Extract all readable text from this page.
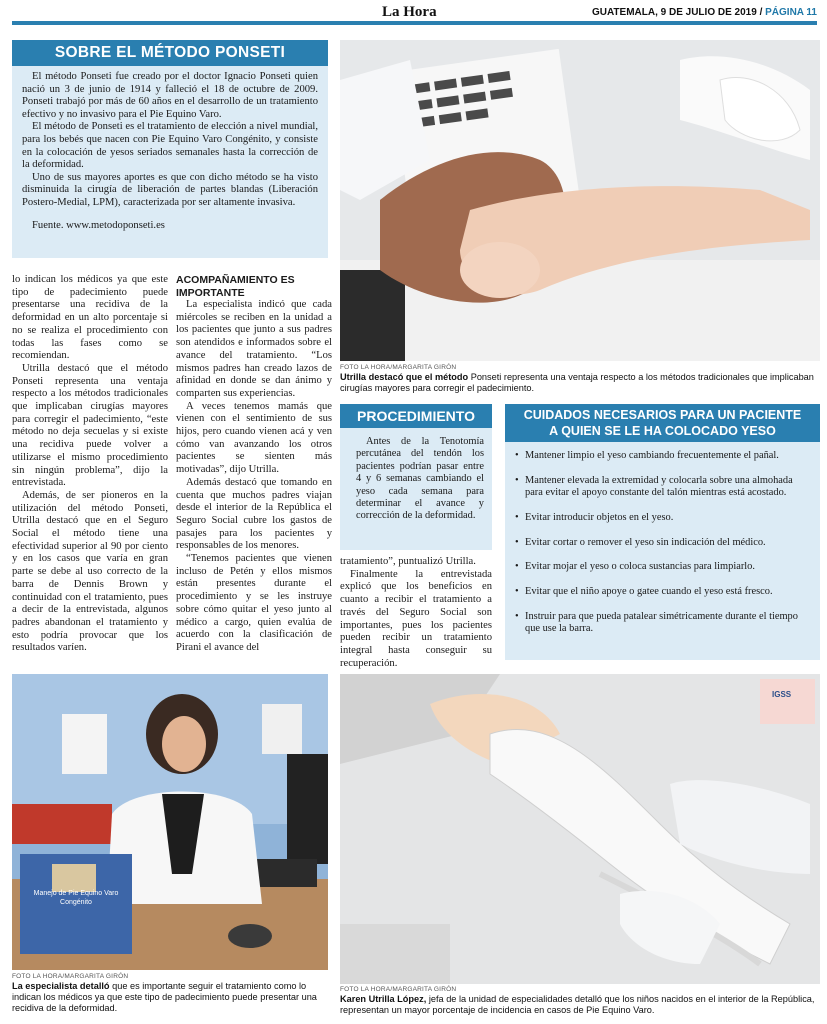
La Hora	GUATEMALA, 9 DE JULIO DE 2019 / PÁGINA 11
SOBRE EL MÉTODO PONSETI

El método Ponseti fue creado por el doctor Ignacio Ponseti quien nació un 3 de junio de 1914 y falleció el 18 de octubre de 2009. Ponseti trabajó por más de 60 años en el desarrollo de un tratamiento efectivo y no invasivo para el Pie Equino Varo.

El método de Ponseti es el tratamiento de elección a nivel mundial, para los bebés que nacen con Pie Equino Varo Congénito, y consiste en la colocación de yesos seriados semanales hasta la corrección de la deformidad.

Uno de sus mayores aportes es que con dicho método se ha visto disminuida la cirugía de liberación de partes blandas (Liberación Postero-Medial, LPM), caracterizada por ser altamente invasiva.

Fuente. www.metodoponseti.es

lo indican los médicos ya que este tipo de padecimiento puede presentarse una recidiva de la deformidad en un alto porcentaje si no se realiza el procedimiento con todas las fases como se recomiendan.

Utrilla destacó que el método Ponseti representa una ventaja respecto a los métodos tradicionales que implicaban cirugías mayores para corregir el padecimiento, “este método no deja secuelas y si existe una recidiva puede volver a utilizarse el mismo procedimiento sin ningún problema”, dijo la entrevistada.

Además, de ser pioneros en la utilización del método Ponseti, Utrilla destacó que en el Seguro Social el método tiene una efectividad superior al 90 por ciento y en los casos que varía en gran parte se debe al uso correcto de la barra de Dennis Brown y continuidad con el tratamiento, pues a decir de la entrevistada, algunos padres abandonan el tratamiento y esto podría provocar que los resultados varíen.

ACOMPAÑAMIENTO ES IMPORTANTE

La especialista indicó que cada miércoles se reciben en la unidad a los pacientes que junto a sus padres son atendidos e informados sobre el avance del tratamiento. “Los mismos padres han creado lazos de afinidad en donde se dan ánimo y comparten sus experiencias.

A veces tenemos mamás que vienen con el sentimiento de sus hijos, pero cuando vienen acá y ven cómo van avanzando los otros pacientes se sienten más motivadas”, dijo Utrilla.

Además destacó que tomando en cuenta que muchos padres viajan desde el interior de la República el Seguro Social cubre los gastos de pasajes para los pacientes y responsables de los menores.

“Tenemos pacientes que vienen incluso de Petén y ellos mismos están presentes durante el procedimiento y se les instruye sobre cómo quitar el yeso junto al médico a cargo, quien evalúa de acuerdo con la clasificación de Pirani el avance del

tratamiento”, puntualizó Utrilla.

Finalmente la entrevistada explicó que los beneficios en cuanto a recibir el tratamiento a través del Seguro Social son importantes, pues los pacientes pueden recibir un tratamiento integral hasta conseguir su recuperación.

FOTO LA HORA/MARGARITA GIRÓN
Utrilla destacó que el método Ponseti representa una ventaja respecto a los métodos tradicionales que implicaban cirugías mayores para corregir el padecimiento.
PROCEDIMIENTO

Antes de la Tenotomía percutánea del tendón los pacientes podrían pasar entre 4 y 6 semanas cambiando el yeso cada semana para determinar el avance y corrección de la deformidad.

CUIDADOS NECESARIOS PARA UN PACIENTE
A QUIEN SE LE HA COLOCADO YESO
• Mantener limpio el yeso cambiando frecuentemente el pañal.
• Mantener elevada la extremidad y colocarla sobre una almohada para evitar el apoyo constante del talón mientras está acostado.
• Evitar introducir objetos en el yeso.
• Evitar cortar o remover el yeso sin indicación del médico.
• Evitar mojar el yeso o coloca sustancias para limpiarlo.
• Evitar que el niño apoye o gatee cuando el yeso está fresco.
• Instruir para que pueda patalear simétricamente durante el tiempo que use la barra.
Manejo de Pie Equino Varo Congénito
FOTO LA HORA/MARGARITA GIRÓN
La especialista detalló que es importante seguir el tratamiento como lo indican los médicos ya que este tipo de padecimiento puede presentar una recidiva de la deformidad.
IGSS
FOTO LA HORA/MARGARITA GIRÓN
Karen Utrilla López, jefa de la unidad de especialidades detalló que los niños nacidos en el interior de la República, representan un mayor porcentaje de incidencia en casos de Pie Equino Varo.
